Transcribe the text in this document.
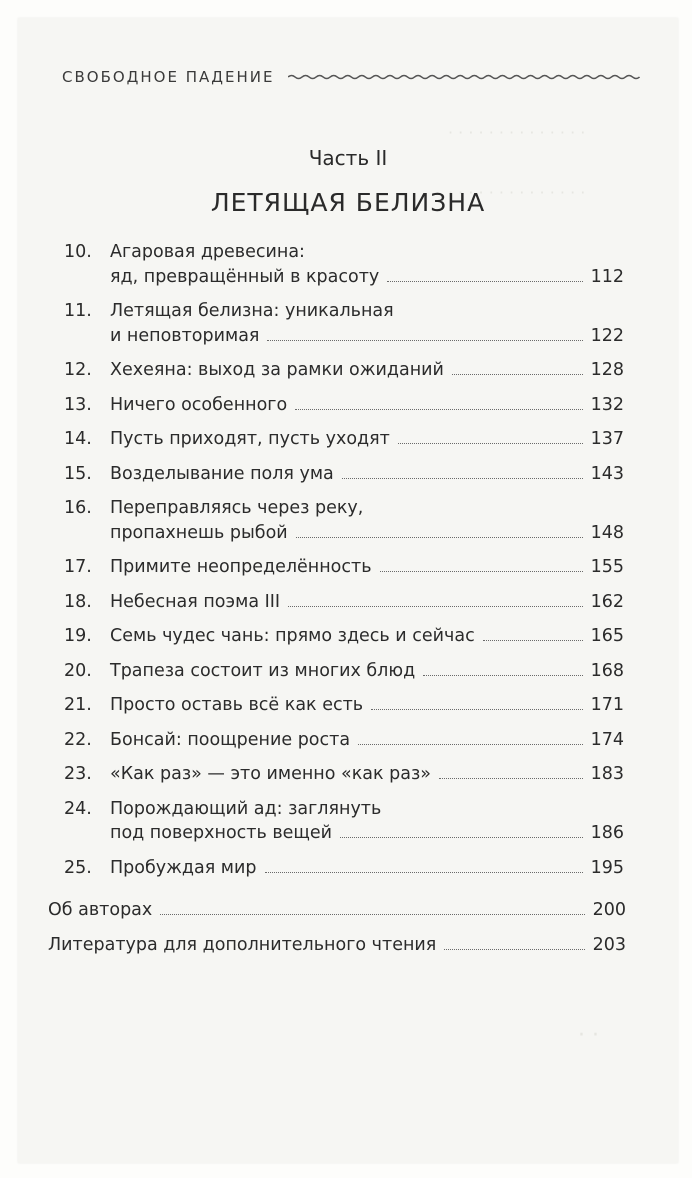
· · · · · · · · · · · · · ·
· · · · · · · · · · · · · ·
· ·
СВОБОДНОЕ ПАДЕНИЕ
Часть II
ЛЕТЯЩАЯ БЕЛИЗНА
10. Агаровая древесина:
яд, превращённый в красоту	112
11. Летящая белизна: уникальная
и неповторимая	122
12. Хехеяна: выход за рамки ожиданий	128
13. Ничего особенного	132
14. Пусть приходят, пусть уходят	137
15. Возделывание поля ума	143
16. Переправляясь через реку,
пропахнешь рыбой	148
17. Примите неопределённость	155
18. Небесная поэма III	162
19. Семь чудес чань: прямо здесь и сейчас	165
20. Трапеза состоит из многих блюд	168
21. Просто оставь всё как есть	171
22. Бонсай: поощрение роста	174
23. «Как раз» — это именно «как раз»	183
24. Порождающий ад: заглянуть
под поверхность вещей	186
25. Пробуждая мир	195
Об авторах	200
Литература для дополнительного чтения	203
